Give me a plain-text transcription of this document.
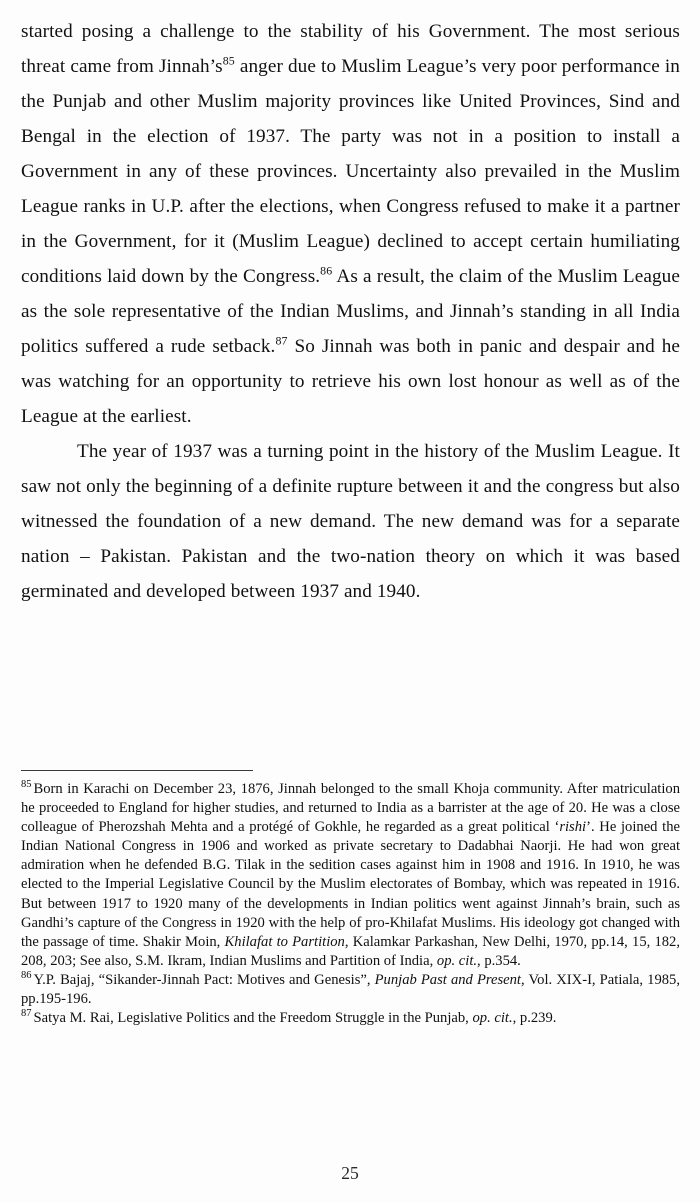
started posing a challenge to the stability of his Government. The most serious threat came from Jinnah’s$^{85}$ anger due to Muslim League’s very poor performance in the Punjab and other Muslim majority provinces like United Provinces, Sind and Bengal in the election of 1937. The party was not in a position to install a Government in any of these provinces. Uncertainty also prevailed in the Muslim League ranks in U.P. after the elections, when Congress refused to make it a partner in the Government, for it (Muslim League) declined to accept certain humiliating conditions laid down by the Congress.$^{86}$ As a result, the claim of the Muslim League as the sole representative of the Indian Muslims, and Jinnah’s standing in all India politics suffered a rude setback.$^{87}$ So Jinnah was both in panic and despair and he was watching for an opportunity to retrieve his own lost honour as well as of the League at the earliest.

The year of 1937 was a turning point in the history of the Muslim League. It saw not only the beginning of a definite rupture between it and the congress but also witnessed the foundation of a new demand. The new demand was for a separate nation – Pakistan. Pakistan and the two-nation theory on which it was based germinated and developed between 1937 and 1940.

$^{85}$ Born in Karachi on December 23, 1876, Jinnah belonged to the small Khoja community. After matriculation he proceeded to England for higher studies, and returned to India as a barrister at the age of 20. He was a close colleague of Pherozshah Mehta and a protégé of Gokhle, he regarded as a great political ‘rishi’. He joined the Indian National Congress in 1906 and worked as private secretary to Dadabhai Naorji. He had won great admiration when he defended B.G. Tilak in the sedition cases against him in 1908 and 1916. In 1910, he was elected to the Imperial Legislative Council by the Muslim electorates of Bombay, which was repeated in 1916. But between 1917 to 1920 many of the developments in Indian politics went against Jinnah’s brain, such as Gandhi’s capture of the Congress in 1920 with the help of pro-Khilafat Muslims. His ideology got changed with the passage of time. Shakir Moin, Khilafat to Partition, Kalamkar Parkashan, New Delhi, 1970, pp.14, 15, 182, 208, 203; See also, S.M. Ikram, Indian Muslims and Partition of India, op. cit., p.354.

$^{86}$ Y.P. Bajaj, “Sikander-Jinnah Pact: Motives and Genesis”, Punjab Past and Present, Vol. XIX-I, Patiala, 1985, pp.195-196.

$^{87}$ Satya M. Rai, Legislative Politics and the Freedom Struggle in the Punjab, op. cit., p.239.

25
